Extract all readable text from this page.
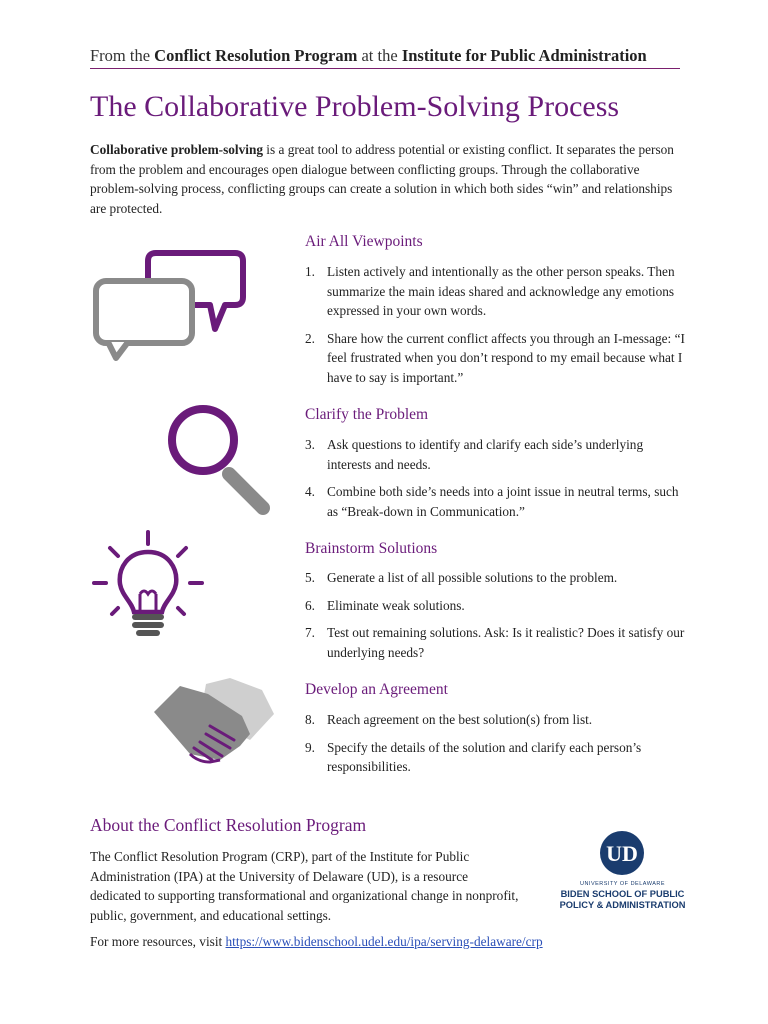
From the Conflict Resolution Program at the Institute for Public Administration
The Collaborative Problem-Solving Process

Collaborative problem-solving is a great tool to address potential or existing conflict. It separates the person from the problem and encourages open dialogue between conflicting groups. Through the collaborative problem-solving process, conflicting groups can create a solution in which both sides “win” and relationships are protected.

Air All Viewpoints
1. Listen actively and intentionally as the other person speaks. Then summarize the main ideas shared and acknowledge any emotions expressed in your own words.
2. Share how the current conflict affects you through an I-message: “I feel frustrated when you don’t respond to my email because what I have to say is important.”
Clarify the Problem
3. Ask questions to identify and clarify each side’s underlying interests and needs.
4. Combine both side’s needs into a joint issue in neutral terms, such as “Break-down in Communication.”
Brainstorm Solutions
5. Generate a list of all possible solutions to the problem.
6. Eliminate weak solutions.
7. Test out remaining solutions. Ask: Is it realistic? Does it satisfy our underlying needs?
Develop an Agreement
8. Reach agreement on the best solution(s) from list.
9. Specify the details of the solution and clarify each person’s responsibilities.
About the Conflict Resolution Program

The Conflict Resolution Program (CRP), part of the Institute for Public Administration (IPA) at the University of Delaware (UD), is a resource dedicated to supporting transformational and organizational change in nonprofit, public, government, and educational settings.

UD
UNIVERSITY OF DELAWARE
BIDEN SCHOOL OF PUBLIC
POLICY & ADMINISTRATION
For more resources, visit https://www.bidenschool.udel.edu/ipa/serving-delaware/crp
